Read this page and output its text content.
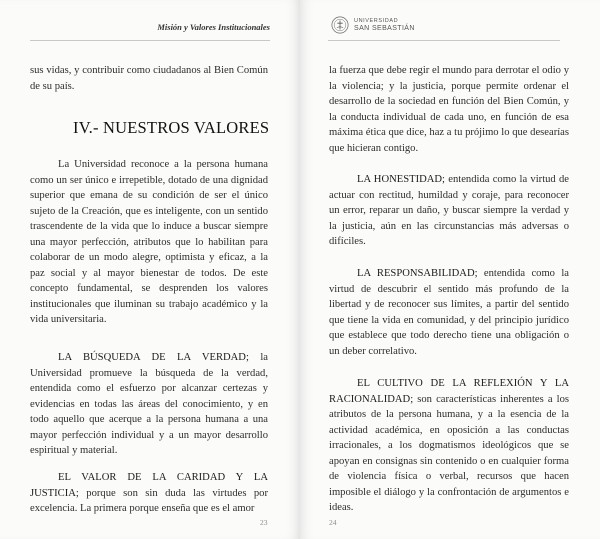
Misión y Valores Institucionales

sus vidas, y contribuir como ciudadanos al Bien Común de su país.

IV.- NUESTROS VALORES

La Universidad reconoce a la persona humana como un ser único e irrepetible, dotado de una dignidad superior que emana de su condición de ser el único sujeto de la Creación, que es inteligente, con un sentido trascendente de la vida que lo induce a buscar siempre una mayor perfección, atributos que lo habilitan para colaborar de un modo alegre, optimista y eficaz, a la paz social y al mayor bienestar de todos. De este concepto fundamental, se desprenden los valores institucionales que iluminan su trabajo académico y la vida universitaria.

LA BÚSQUEDA DE LA VERDAD; la Universidad promueve la búsqueda de la verdad, entendida como el esfuerzo por alcanzar certezas y evidencias en todas las áreas del conocimiento, y en todo aquello que acerque a la persona humana a una mayor perfección individual y a un mayor desarrollo espiritual y material.

EL VALOR DE LA CARIDAD Y LA JUSTICIA; porque son sin duda las virtudes por excelencia. La primera porque enseña que es el amor

23
UNIVERSIDAD
SAN SEBASTIÁN

la fuerza que debe regir el mundo para derrotar el odio y la violencia; y la justicia, porque permite ordenar el desarrollo de la sociedad en función del Bien Común, y la conducta individual de cada uno, en función de esa máxima ética que dice, haz a tu prójimo lo que desearías que hicieran contigo.

LA HONESTIDAD; entendida como la virtud de actuar con rectitud, humildad y coraje, para reconocer un error, reparar un daño, y buscar siempre la verdad y la justicia, aún en las circunstancias más adversas o difíciles.

LA RESPONSABILIDAD; entendida como la virtud de descubrir el sentido más profundo de la libertad y de reconocer sus límites, a partir del sentido que tiene la vida en comunidad, y del principio jurídico que establece que todo derecho tiene una obligación o un deber correlativo.

EL CULTIVO DE LA REFLEXIÓN Y LA RACIONALIDAD; son características inherentes a los atributos de la persona humana, y a la esencia de la actividad académica, en oposición a las conductas irracionales, a los dogmatismos ideológicos que se apoyan en consignas sin contenido o en cualquier forma de violencia física o verbal, recursos que hacen imposible el diálogo y la confrontación de argumentos e ideas.

24
